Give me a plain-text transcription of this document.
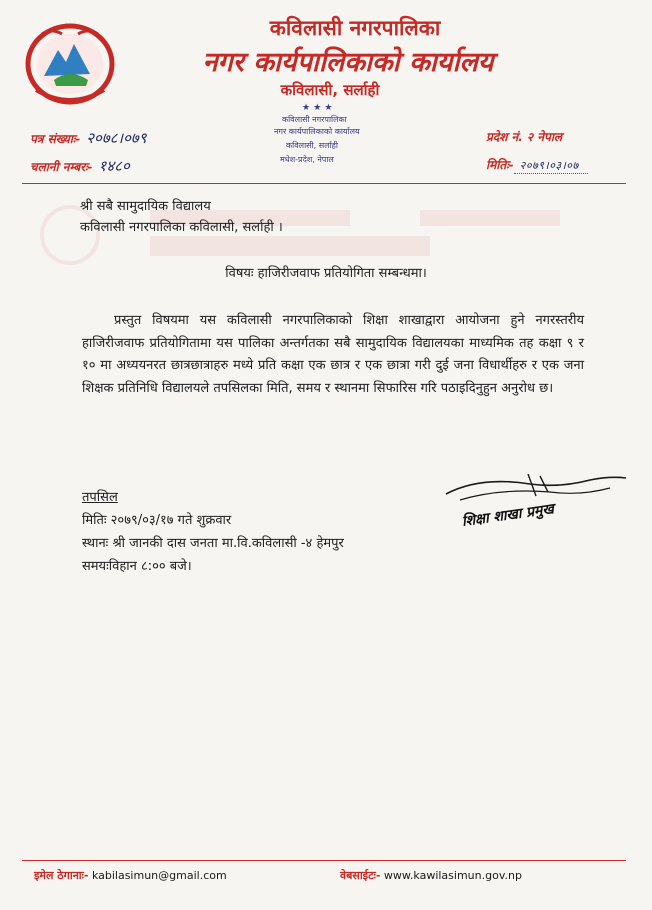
कविलासी नगरपालिका
नगर कार्यपालिकाको कार्यालय
कविलासी, सर्लाही
★ ★ ★
कविलासी नगरपालिका
नगर कार्यपालिकाको कार्यालय
कविलासी, सर्लाही
मधेश-प्रदेश, नेपाल
पत्र संख्याः- २०७८।०७९
चलानी नम्बरः- १४८०
प्रदेश नं. २ नेपाल
मितिः- २०७९।०३।०७
श्री सबै सामुदायिक विद्यालय
कविलासी नगरपालिका कविलासी, सर्लाही ।
विषयः हाजिरीजवाफ प्रतियोगिता सम्बन्धमा।
प्रस्तुत विषयमा यस कविलासी नगरपालिकाको शिक्षा शाखाद्वारा आयोजना हुने नगरस्तरीय हाजिरीजवाफ प्रतियोगितामा यस पालिका अन्तर्गतका सबै सामुदायिक विद्यालयका माध्यमिक तह कक्षा ९ र १० मा अध्ययनरत छात्रछात्राहरु मध्ये प्रति कक्षा एक छात्र र एक छात्रा गरी दुई जना विधार्थीहरु र एक जना शिक्षक प्रतिनिधि विद्यालयले तपसिलका मिति, समय र स्थानमा सिफारिस गरि पठाइदिनुहुन अनुरोध छ।
तपसिल
मितिः २०७९/०३/१७ गते शुक्रवार
स्थानः श्री जानकी दास जनता मा.वि.कविलासी -४ हेमपुर
समयःविहान ८:०० बजे।
शिक्षा शाखा प्रमुख
इमेल ठेगानाः- kabilasimun@gmail.com	वेबसाईटः- www.kawilasimun.gov.np
